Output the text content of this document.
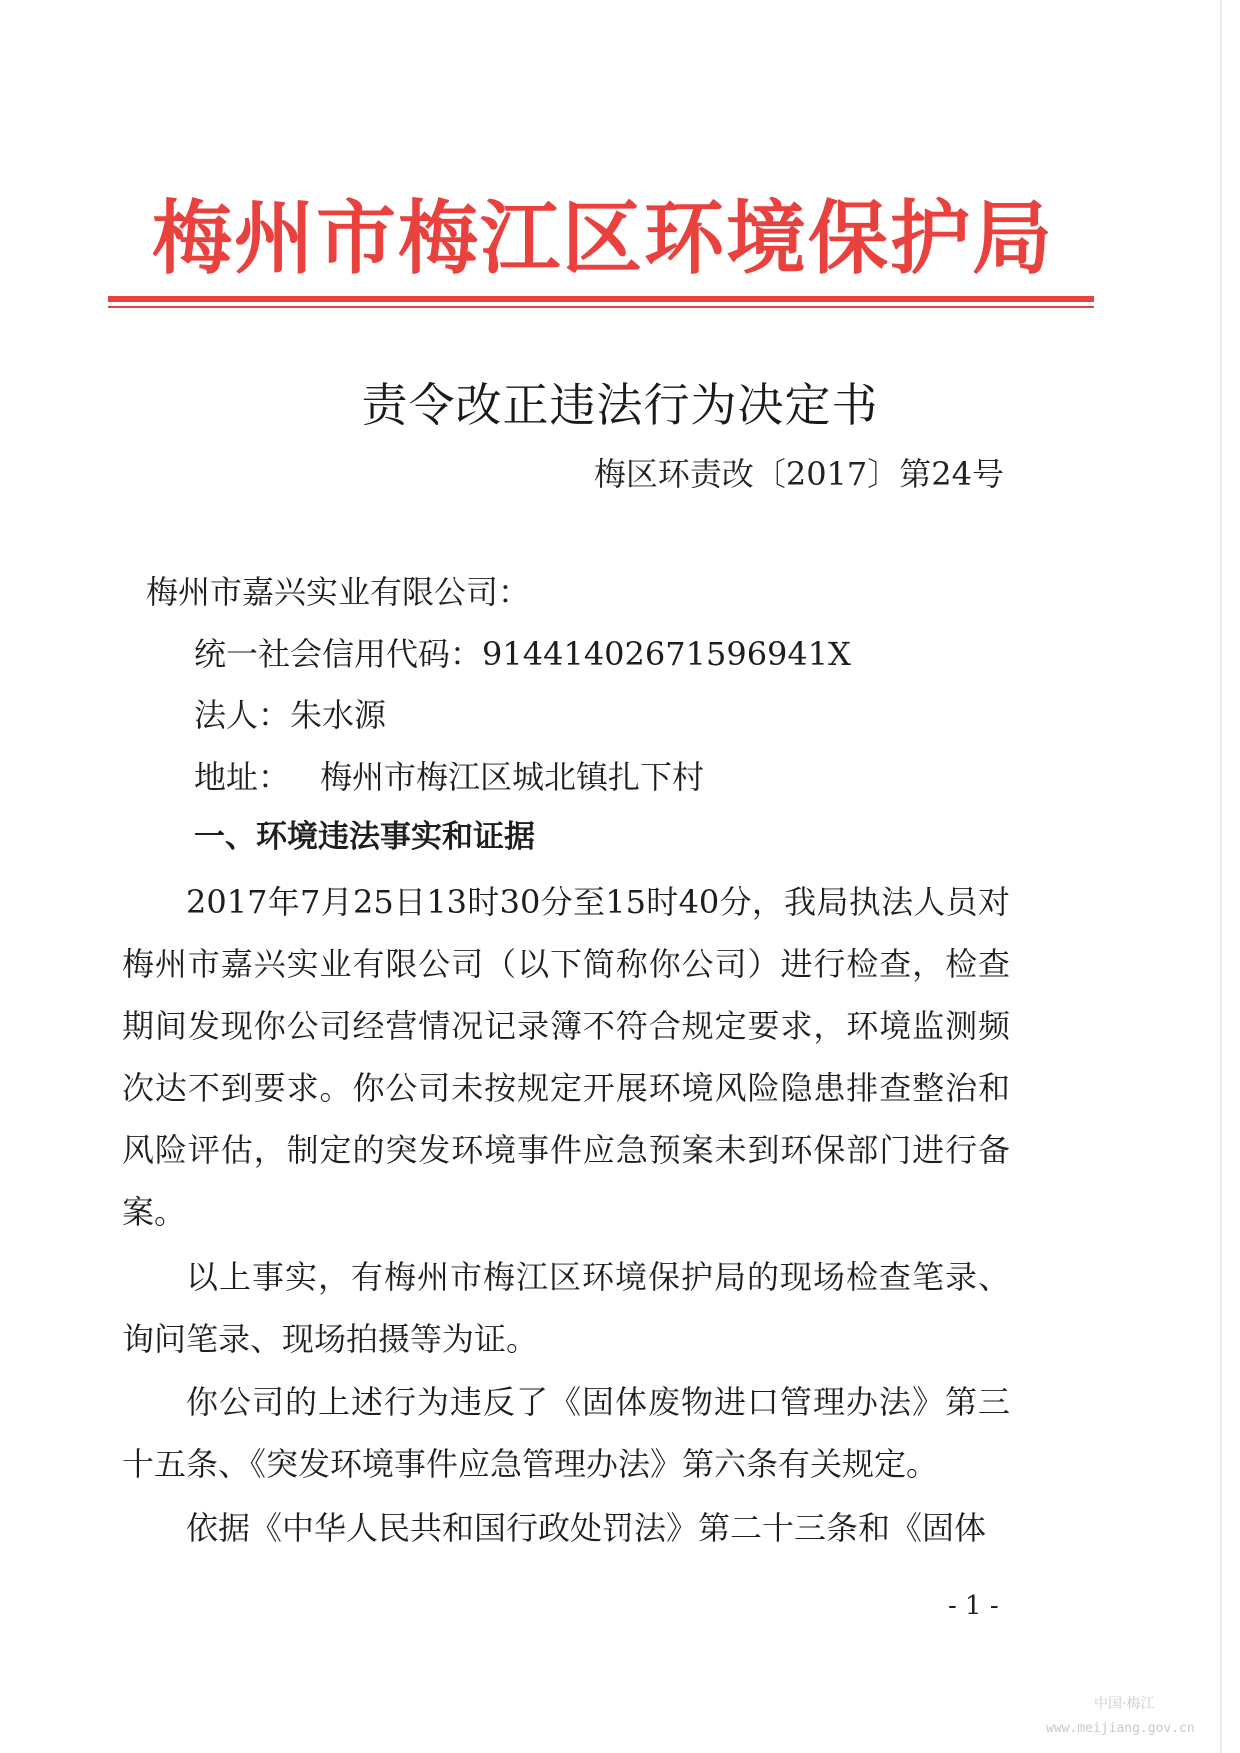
梅州市梅江区环境保护局
责令改正违法行为决定书
梅区环责改〔2017〕第24号
梅州市嘉兴实业有限公司：
统一社会信用代码：91441402671596941X
法人：朱水源
地址： 梅州市梅江区城北镇扎下村
一、环境违法事实和证据

2017年7月25日13时30分至15时40分，我局执法人员对梅州市嘉兴实业有限公司（以下简称你公司）进行检查，检查期间发现你公司经营情况记录簿不符合规定要求，环境监测频次达不到要求。你公司未按规定开展环境风险隐患排查整治和风险评估，制定的突发环境事件应急预案未到环保部门进行备案。

以上事实，有梅州市梅江区环境保护局的现场检查笔录、询问笔录、现场拍摄等为证。

你公司的上述行为违反了《固体废物进口管理办法》第三十五条、《突发环境事件应急管理办法》第六条有关规定。

依据《中华人民共和国行政处罚法》第二十三条和《固体

- 1 -
中国·梅江
www.meijiang.gov.cn
